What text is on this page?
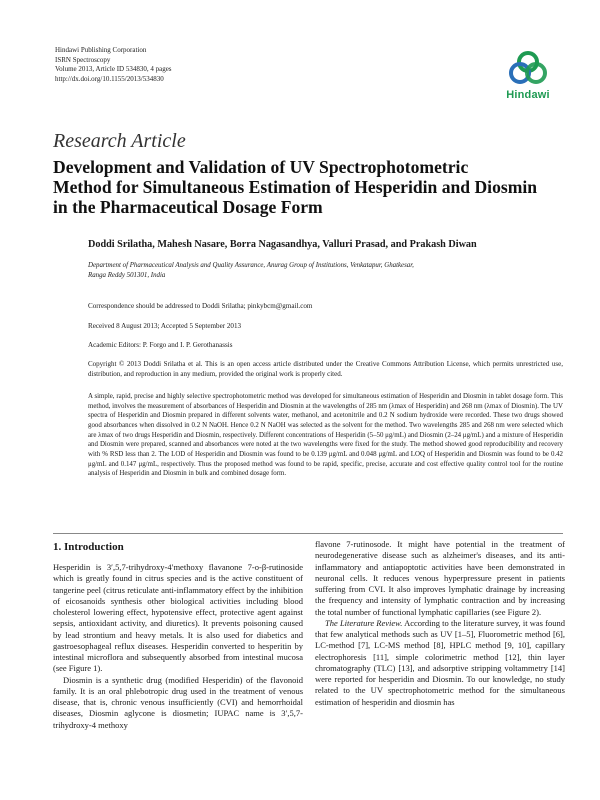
Hindawi Publishing Corporation
ISRN Spectroscopy
Volume 2013, Article ID 534830, 4 pages
http://dx.doi.org/10.1155/2013/534830
Hindawi
Research Article
Development and Validation of UV Spectrophotometric
Method for Simultaneous Estimation of Hesperidin and Diosmin
in the Pharmaceutical Dosage Form
Doddi Srilatha, Mahesh Nasare, Borra Nagasandhya, Valluri Prasad, and Prakash Diwan
Department of Pharmaceutical Analysis and Quality Assurance, Anurag Group of Institutions, Venkatapur, Ghatkesar,
Ranga Reddy 501301, India
Correspondence should be addressed to Doddi Srilatha; pinkybcm@gmail.com
Received 8 August 2013; Accepted 5 September 2013
Academic Editors: P. Forgo and I. P. Gerothanassis
Copyright © 2013 Doddi Srilatha et al. This is an open access article distributed under the Creative Commons Attribution License, which permits unrestricted use, distribution, and reproduction in any medium, provided the original work is properly cited.

A simple, rapid, precise and highly selective spectrophotometric method was developed for simultaneous estimation of Hesperidin and Diosmin in tablet dosage form. This method, involves the measurement of absorbances of Hesperidin and Diosmin at the wavelengths of 285 nm (λmax of Hesperidin) and 268 nm (λmax of Diosmin). The UV spectra of Hesperidin and Diosmin prepared in different solvents water, methanol, and acetonitrile and 0.2 N sodium hydroxide were recorded. These two drugs showed good absorbances when dissolved in 0.2 N NaOH. Hence 0.2 N NaOH was selected as the solvent for the method. Two wavelengths 285 and 268 nm were selected which are λmax of two drugs Hesperidin and Diosmin, respectively. Different concentrations of Hesperidin (5–50 μg/mL) and Diosmin (2–24 μg/mL) and a mixture of Hesperidin and Diosmin were prepared, scanned and absorbances were noted at the two wavelengths were fixed for the study. The method showed good reproducibility and recovery with % RSD less than 2. The LOD of Hesperidin and Diosmin was found to be 0.139 μg/mL and 0.048 μg/mL and LOQ of Hesperidin and Diosmin was found to be 0.42 μg/mL and 0.147 μg/mL, respectively. Thus the proposed method was found to be rapid, specific, precise, accurate and cost effective quality control tool for the routine analysis of Hesperidin and Diosmin in bulk and combined dosage form.

1. Introduction

Hesperidin is 3′,5,7-trihydroxy-4′methoxy flavanone 7-o-β-rutinoside which is greatly found in citrus species and is the active constituent of tangerine peel (citrus reticulate anti-inflammatory effect by the inhibition of eicosanoids synthesis other biological activities including blood cholesterol lowering effect, hypotensive effect, protective agent against sepsis, antioxidant activity, and diuretics). It prevents poisoning caused by lead strontium and heavy metals. It is also used for diabetics and gastroesophageal reflux diseases. Hesperidin converted to hesperitin by intestinal microflora and subsequently absorbed from intestinal mucosa (see Figure 1).

Diosmin is a synthetic drug (modified Hesperidin) of the flavonoid family. It is an oral phlebotropic drug used in the treatment of venous disease, that is, chronic venous insufficiently (CVI) and hemorrhoidal diseases, Diosmin aglycone is diosmetin; IUPAC name is 3′,5,7-trihydroxy-4 methoxy

flavone 7-rutinosode. It might have potential in the treatment of neurodegenerative disease such as alzheimer's diseases, and its anti-inflammatory and antiapoptotic activities have been demonstrated in neuronal cells. It reduces venous hyperpressure present in patients suffering from CVI. It also improves lymphatic drainage by increasing the frequency and intensity of lymphatic contraction and by increasing the total number of functional lymphatic capillaries (see Figure 2).

The Literature Review. According to the literature survey, it was found that few analytical methods such as UV [1–5], Fluorometric method [6], LC-method [7], LC-MS method [8], HPLC method [9, 10], capillary electrophoresis [11], simple colorimetric method [12], thin layer chromatography (TLC) [13], and adsorptive stripping voltammetry [14] were reported for hesperidin and Diosmin. To our knowledge, no study related to the UV spectrophotometric method for the simultaneous estimation of hesperidin and diosmin has
